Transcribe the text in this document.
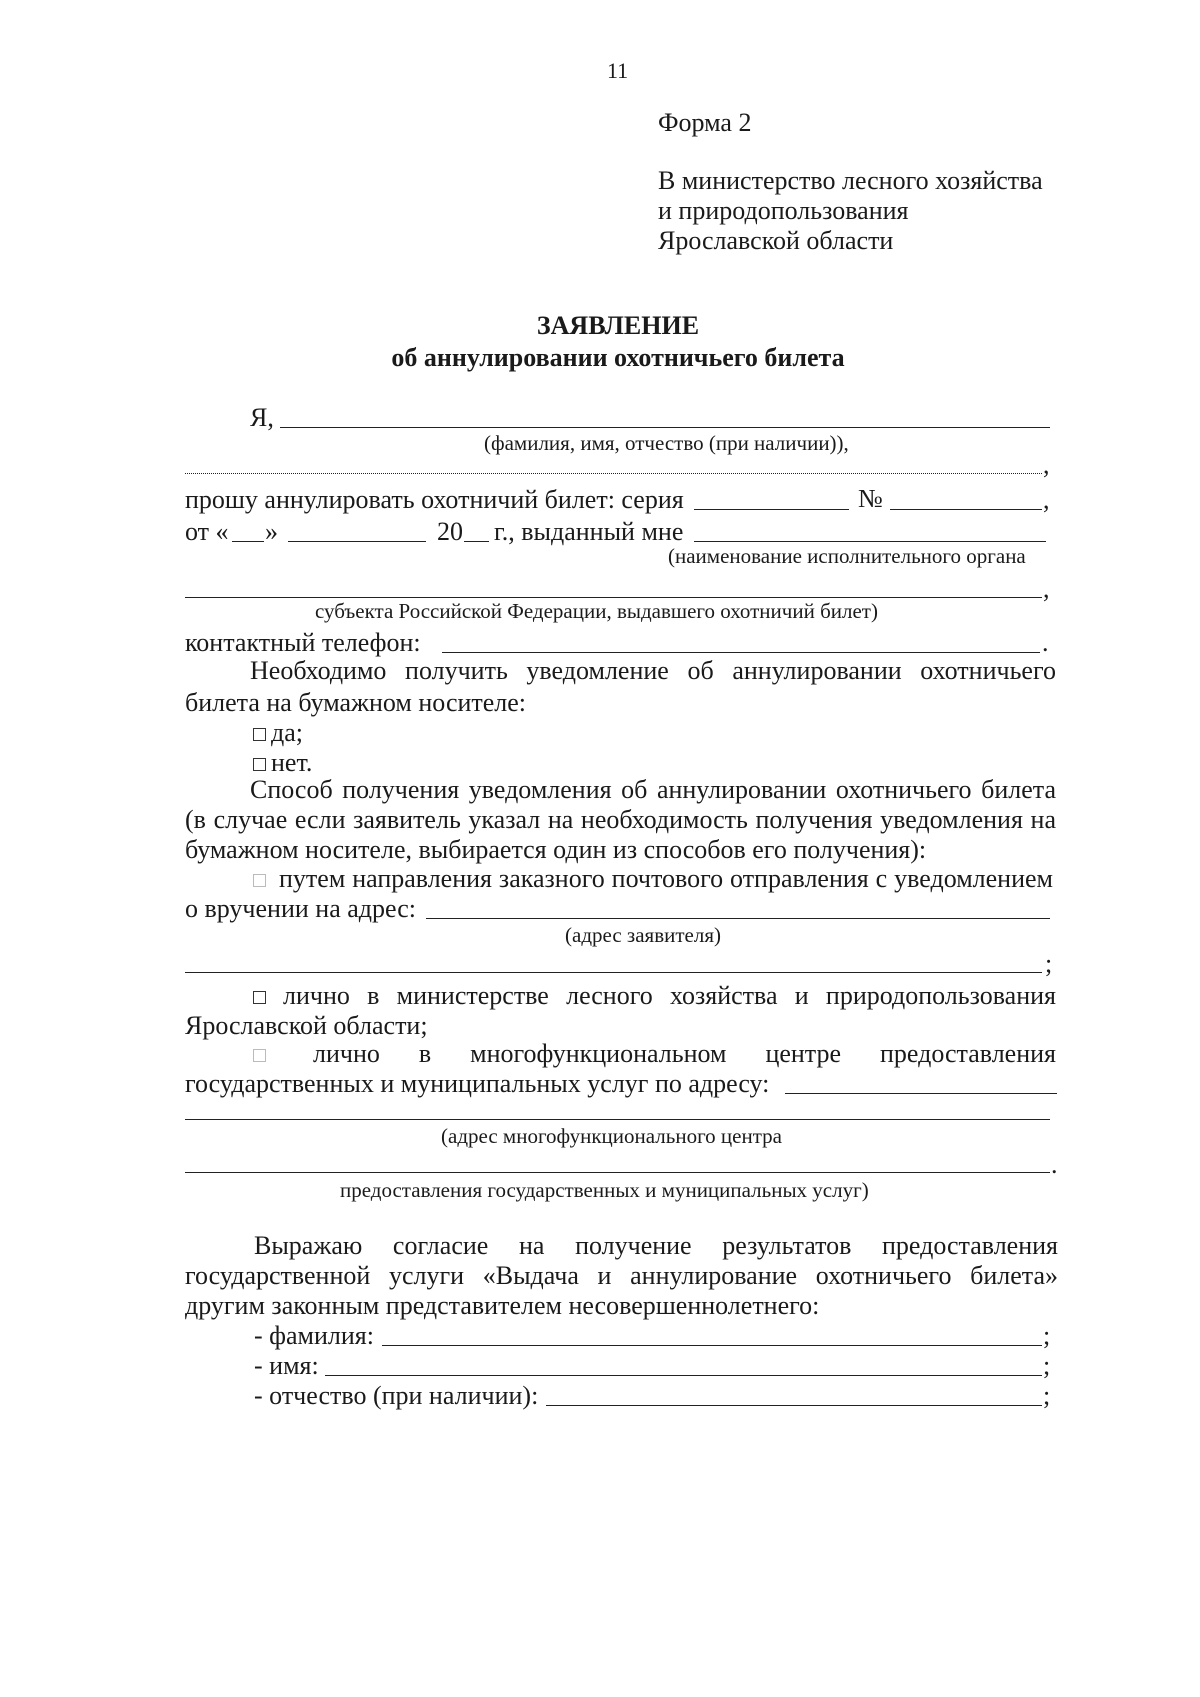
11
Форма 2
В министерство лесного хозяйства
и природопользования
Ярославской области
ЗАЯВЛЕНИЕ
об аннулировании охотничьего билета
Я,
(фамилия, имя, отчество (при наличии)),
,
прошу аннулировать охотничий билет: серия	№	,
от « »	20 г., выданный мне
(наименование исполнительного органа
,
субъекта Российской Федерации, выдавшего охотничий билет)
контактный телефон:	.
Необходимо получить уведомление об аннулировании охотничьего
билета на бумажном носителе:
да;
нет.
Способ получения уведомления об аннулировании охотничьего билета
(в случае если заявитель указал на необходимость получения уведомления на
бумажном носителе, выбирается один из способов его получения):
путем направления заказного почтового отправления с уведомлением
о вручении на адрес:
(адрес заявителя)
;
лично в министерстве лесного хозяйства и природопользования
Ярославской области;
лично в многофункциональном центре предоставления
государственных и муниципальных услуг по адресу:
(адрес многофункционального центра
.
предоставления государственных и муниципальных услуг)
Выражаю согласие на получение результатов предоставления
государственной услуги «Выдача и аннулирование охотничьего билета»
другим законным представителем несовершеннолетнего:
- фамилия:	;
- имя:	;
- отчество (при наличии):	;
